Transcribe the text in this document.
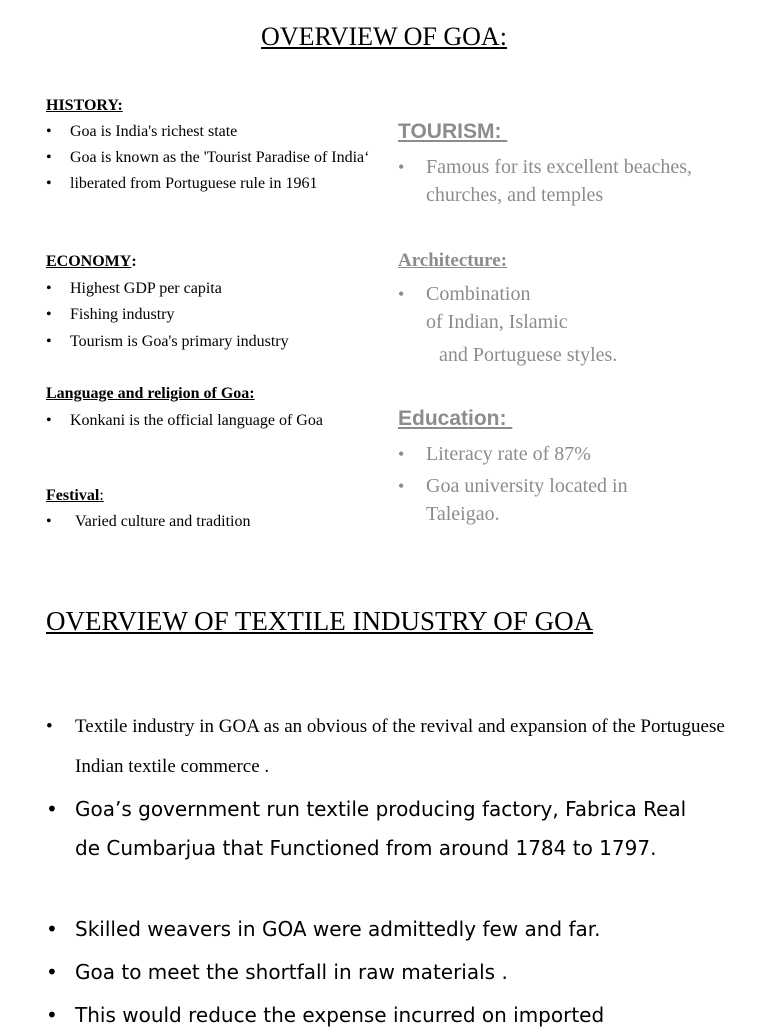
OVERVIEW OF GOA:
HISTORY:
• Goa is India's richest state
• Goa is known as the 'Tourist Paradise of India‘
• liberated from Portuguese rule in 1961
ECONOMY:
• Highest GDP per capita
• Fishing industry
• Tourism is Goa's primary industry
Language and religion of Goa:
• Konkani is the official language of Goa
Festival:
• Varied culture and tradition
TOURISM:
• Famous for its excellent beaches, churches, and temples
Architecture:
• Combination
of Indian, Islamic
and Portuguese styles.
Education:
• Literacy rate of 87%
• Goa university located in Taleigao.
OVERVIEW OF TEXTILE INDUSTRY OF GOA
• Textile industry in GOA as an obvious of the revival and expansion of the Portuguese Indian textile commerce .
• Goa’s government run textile producing factory, Fabrica Real de Cumbarjua that Functioned from around 1784 to 1797.
• Skilled weavers in GOA were admittedly few and far.
• Goa to meet the shortfall in raw materials .
• This would reduce the expense incurred on imported
